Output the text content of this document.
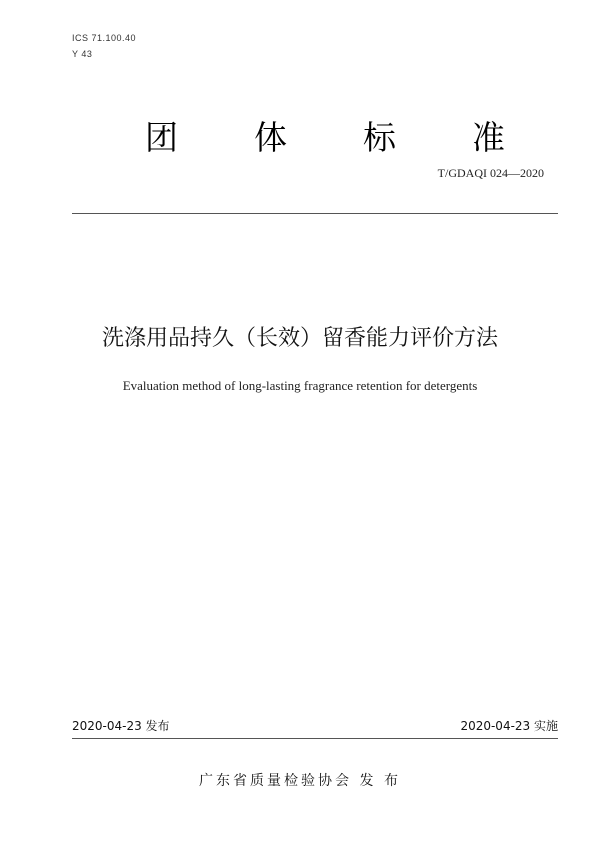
ICS 71.100.40
Y 43
团 体 标 准
T/GDAQI 024—2020
洗涤用品持久（长效）留香能力评价方法
Evaluation method of long-lasting fragrance retention for detergents
2020-04-23 发布	2020-04-23 实施
广东省质量检验协会 发 布
